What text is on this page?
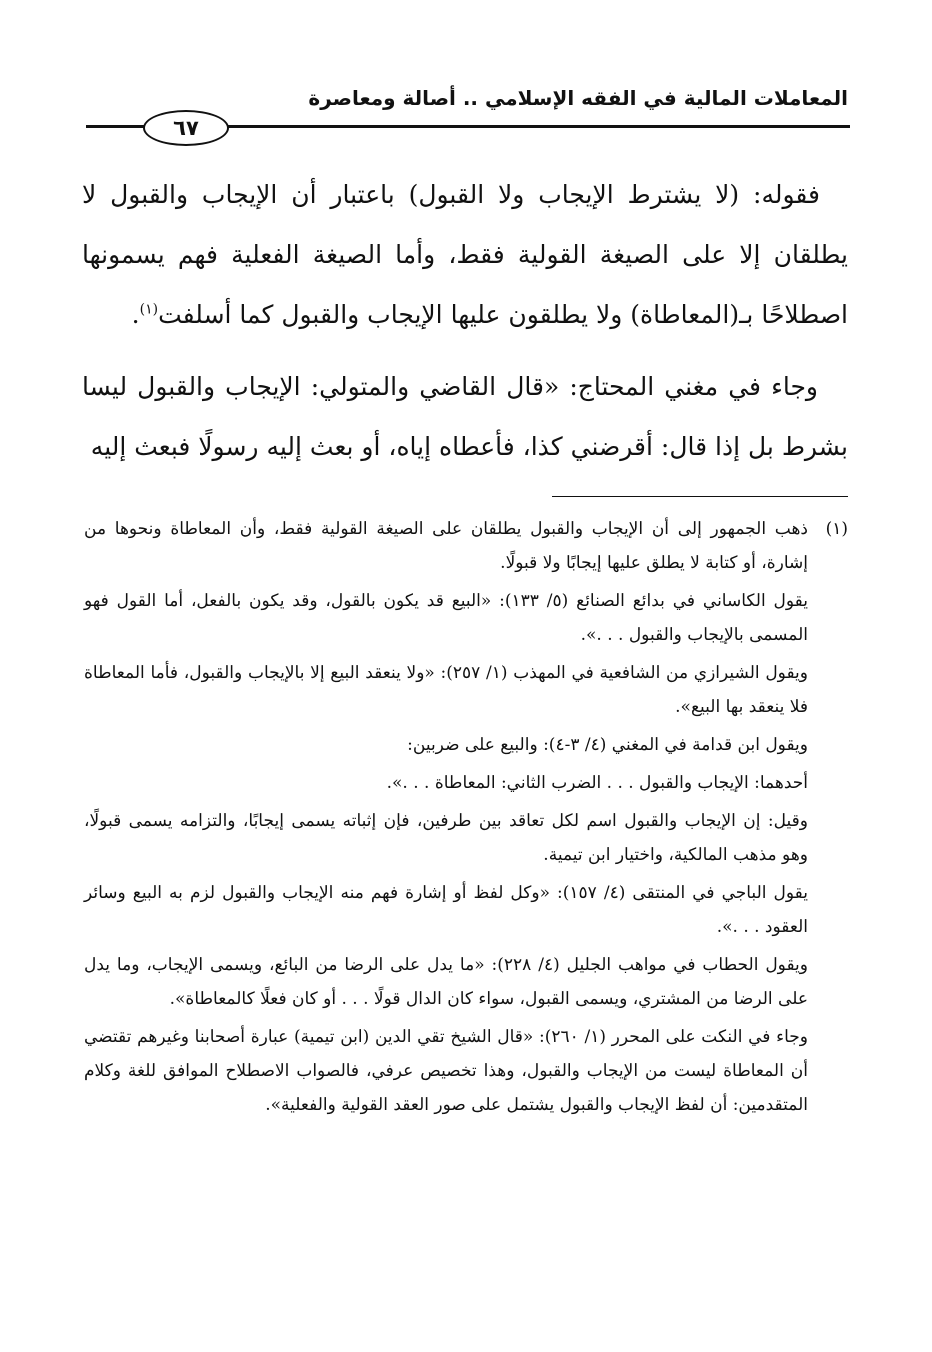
المعاملات المالية في الفقه الإسلامي .. أصالة ومعاصرة
٦٧

فقوله: (لا يشترط الإيجاب ولا القبول) باعتبار أن الإيجاب والقبول لا يطلقان إلا على الصيغة القولية فقط، وأما الصيغة الفعلية فهم يسمونها اصطلاحًا بـ(المعاطاة) ولا يطلقون عليها الإيجاب والقبول كما أسلفت$^{(١)}$.

وجاء في مغني المحتاج: «قال القاضي والمتولي: الإيجاب والقبول ليسا بشرط بل إذا قال: أقرضني كذا، فأعطاه إياه، أو بعث إليه رسولًا فبعث إليه

(١)

ذهب الجمهور إلى أن الإيجاب والقبول يطلقان على الصيغة القولية فقط، وأن المعاطاة ونحوها من إشارة، أو كتابة لا يطلق عليها إيجابًا ولا قبولًا.

يقول الكاساني في بدائع الصنائع (٥/ ١٣٣): «البيع قد يكون بالقول، وقد يكون بالفعل، أما القول فهو المسمى بالإيجاب والقبول . . .».

ويقول الشيرازي من الشافعية في المهذب (١/ ٢٥٧): «ولا ينعقد البيع إلا بالإيجاب والقبول، فأما المعاطاة فلا ينعقد بها البيع».

ويقول ابن قدامة في المغني (٤/ ٣-٤): والبيع على ضربين:

أحدهما: الإيجاب والقبول . . . الضرب الثاني: المعاطاة . . .».

وقيل: إن الإيجاب والقبول اسم لكل تعاقد بين طرفين، فإن إثباته يسمى إيجابًا، والتزامه يسمى قبولًا، وهو مذهب المالكية، واختيار ابن تيمية.

يقول الباجي في المنتقى (٤/ ١٥٧): «وكل لفظ أو إشارة فهم منه الإيجاب والقبول لزم به البيع وسائر العقود . . .».

ويقول الحطاب في مواهب الجليل (٤/ ٢٢٨): «ما يدل على الرضا من البائع، ويسمى الإيجاب، وما يدل على الرضا من المشتري، ويسمى القبول، سواء كان الدال قولًا . . . أو كان فعلًا كالمعاطاة».

وجاء في النكت على المحرر (١/ ٢٦٠): «قال الشيخ تقي الدين (ابن تيمية) عبارة أصحابنا وغيرهم تقتضي أن المعاطاة ليست من الإيجاب والقبول، وهذا تخصيص عرفي، فالصواب الاصطلاح الموافق للغة وكلام المتقدمين: أن لفظ الإيجاب والقبول يشتمل على صور العقد القولية والفعلية».
